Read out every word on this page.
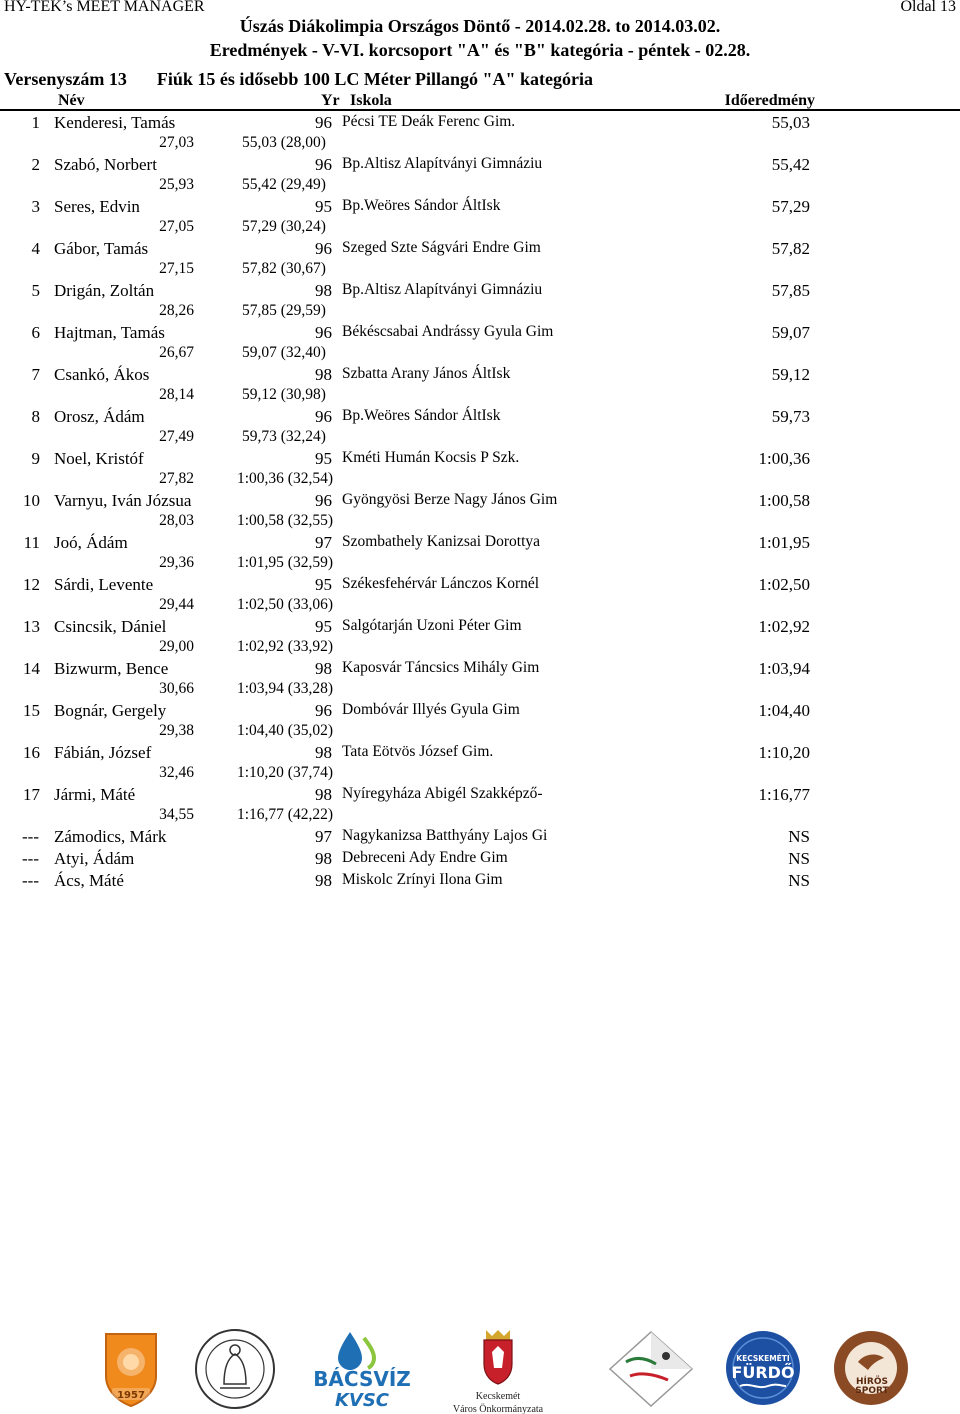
HY-TEK’s MEET MANAGER	Oldal 13
Úszás Diákolimpia Országos Döntő - 2014.02.28. to 2014.03.02.
Eredmények - V-VI. korcsoport "A" és "B" kategória - péntek - 02.28.
Versenyszám 13 Fiúk 15 és idősebb 100 LC Méter Pillangó "A" kategória
Név	Yr Iskola	Időeredmény
1 Kenderesi, Tamás	96 Pécsi TE Deák Ferenc Gim.	55,03
27,03	55,03 (28,00)
2 Szabó, Norbert	96 Bp.Altisz Alapítványi Gimnáziu	55,42
25,93	55,42 (29,49)
3 Seres, Edvin	95 Bp.Weöres Sándor ÁltIsk	57,29
27,05	57,29 (30,24)
4 Gábor, Tamás	96 Szeged Szte Ságvári Endre Gim	57,82
27,15	57,82 (30,67)
5 Drigán, Zoltán	98 Bp.Altisz Alapítványi Gimnáziu	57,85
28,26	57,85 (29,59)
6 Hajtman, Tamás	96 Békéscsabai Andrássy Gyula Gim	59,07
26,67	59,07 (32,40)
7 Csankó, Ákos	98 Szbatta Arany János ÁltIsk	59,12
28,14	59,12 (30,98)
8 Orosz, Ádám	96 Bp.Weöres Sándor ÁltIsk	59,73
27,49	59,73 (32,24)
9 Noel, Kristóf	95 Kméti Humán Kocsis P Szk.	1:00,36
27,82	1:00,36 (32,54)
10 Varnyu, Iván Józsua	96 Gyöngyösi Berze Nagy János Gim	1:00,58
28,03	1:00,58 (32,55)
11 Joó, Ádám	97 Szombathely Kanizsai Dorottya	1:01,95
29,36	1:01,95 (32,59)
12 Sárdi, Levente	95 Székesfehérvár Lánczos Kornél	1:02,50
29,44	1:02,50 (33,06)
13 Csincsik, Dániel	95 Salgótarján Uzoni Péter Gim	1:02,92
29,00	1:02,92 (33,92)
14 Bizwurm, Bence	98 Kaposvár Táncsics Mihály Gim	1:03,94
30,66	1:03,94 (33,28)
15 Bognár, Gergely	96 Dombóvár Illyés Gyula Gim	1:04,40
29,38	1:04,40 (35,02)
16 Fábián, József	98 Tata Eötvös József Gim.	1:10,20
32,46	1:10,20 (37,74)
17 Jármi, Máté	98 Nyíregyháza Abigél Szakképző-	1:16,77
34,55	1:16,77 (42,22)
--- Zámodics, Márk	97 Nagykanizsa Batthyány Lajos Gi	NS
--- Atyi, Ádám	98 Debreceni Ady Endre Gim	NS
--- Ács, Máté	98 Miskolc Zrínyi Ilona Gim	NS
1957
BÁCSVÍZ
KVSC	Kecskemét
Város Önkormányzata
KECSKEMÉTI
FÜRDŐ	HÍRÖS
SPORT
